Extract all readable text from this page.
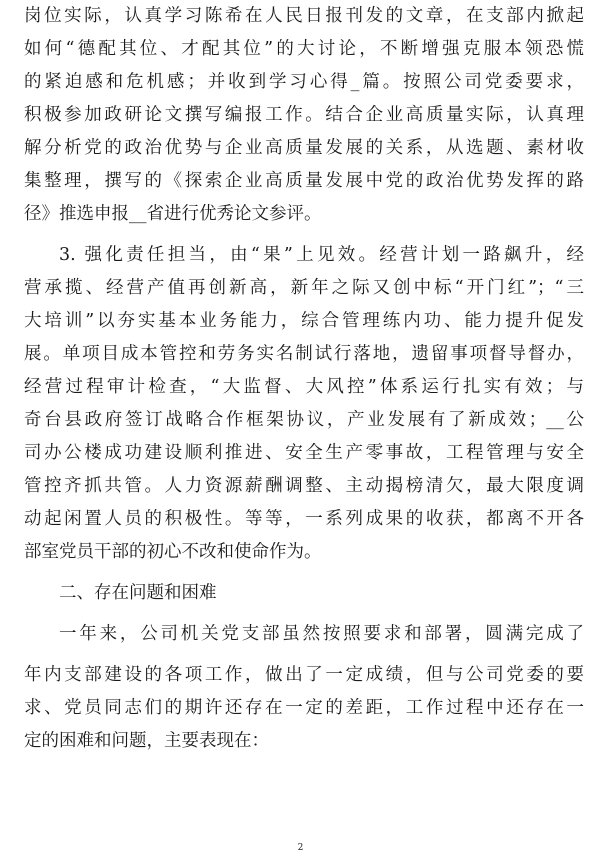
岗位实际，认真学习陈希在人民日报刊发的文章，在支部内掀起
如何“德配其位、才配其位”的大讨论，不断增强克服本领恐慌
的紧迫感和危机感；并收到学习心得_篇。按照公司党委要求，
积极参加政研论文撰写编报工作。结合企业高质量实际，认真理
解分析党的政治优势与企业高质量发展的关系，从选题、素材收
集整理，撰写的《探索企业高质量发展中党的政治优势发挥的路
径》推选申报__省进行优秀论文参评。
3. 强化责任担当，由“果”上见效。经营计划一路飙升，经
营承揽、经营产值再创新高，新年之际又创中标“开门红”；“三
大培训”以夯实基本业务能力，综合管理练内功、能力提升促发
展。单项目成本管控和劳务实名制试行落地，遗留事项督导督办，
经营过程审计检查，“大监督、大风控”体系运行扎实有效；与
奇台县政府签订战略合作框架协议，产业发展有了新成效；__公
司办公楼成功建设顺利推进、安全生产零事故，工程管理与安全
管控齐抓共管。人力资源薪酬调整、主动揭榜清欠，最大限度调
动起闲置人员的积极性。等等，一系列成果的收获，都离不开各
部室党员干部的初心不改和使命作为。
二、存在问题和困难
一年来，公司机关党支部虽然按照要求和部署，圆满完成了
年内支部建设的各项工作，做出了一定成绩，但与公司党委的要
求、党员同志们的期许还存在一定的差距，工作过程中还存在一
定的困难和问题，主要表现在：
2
